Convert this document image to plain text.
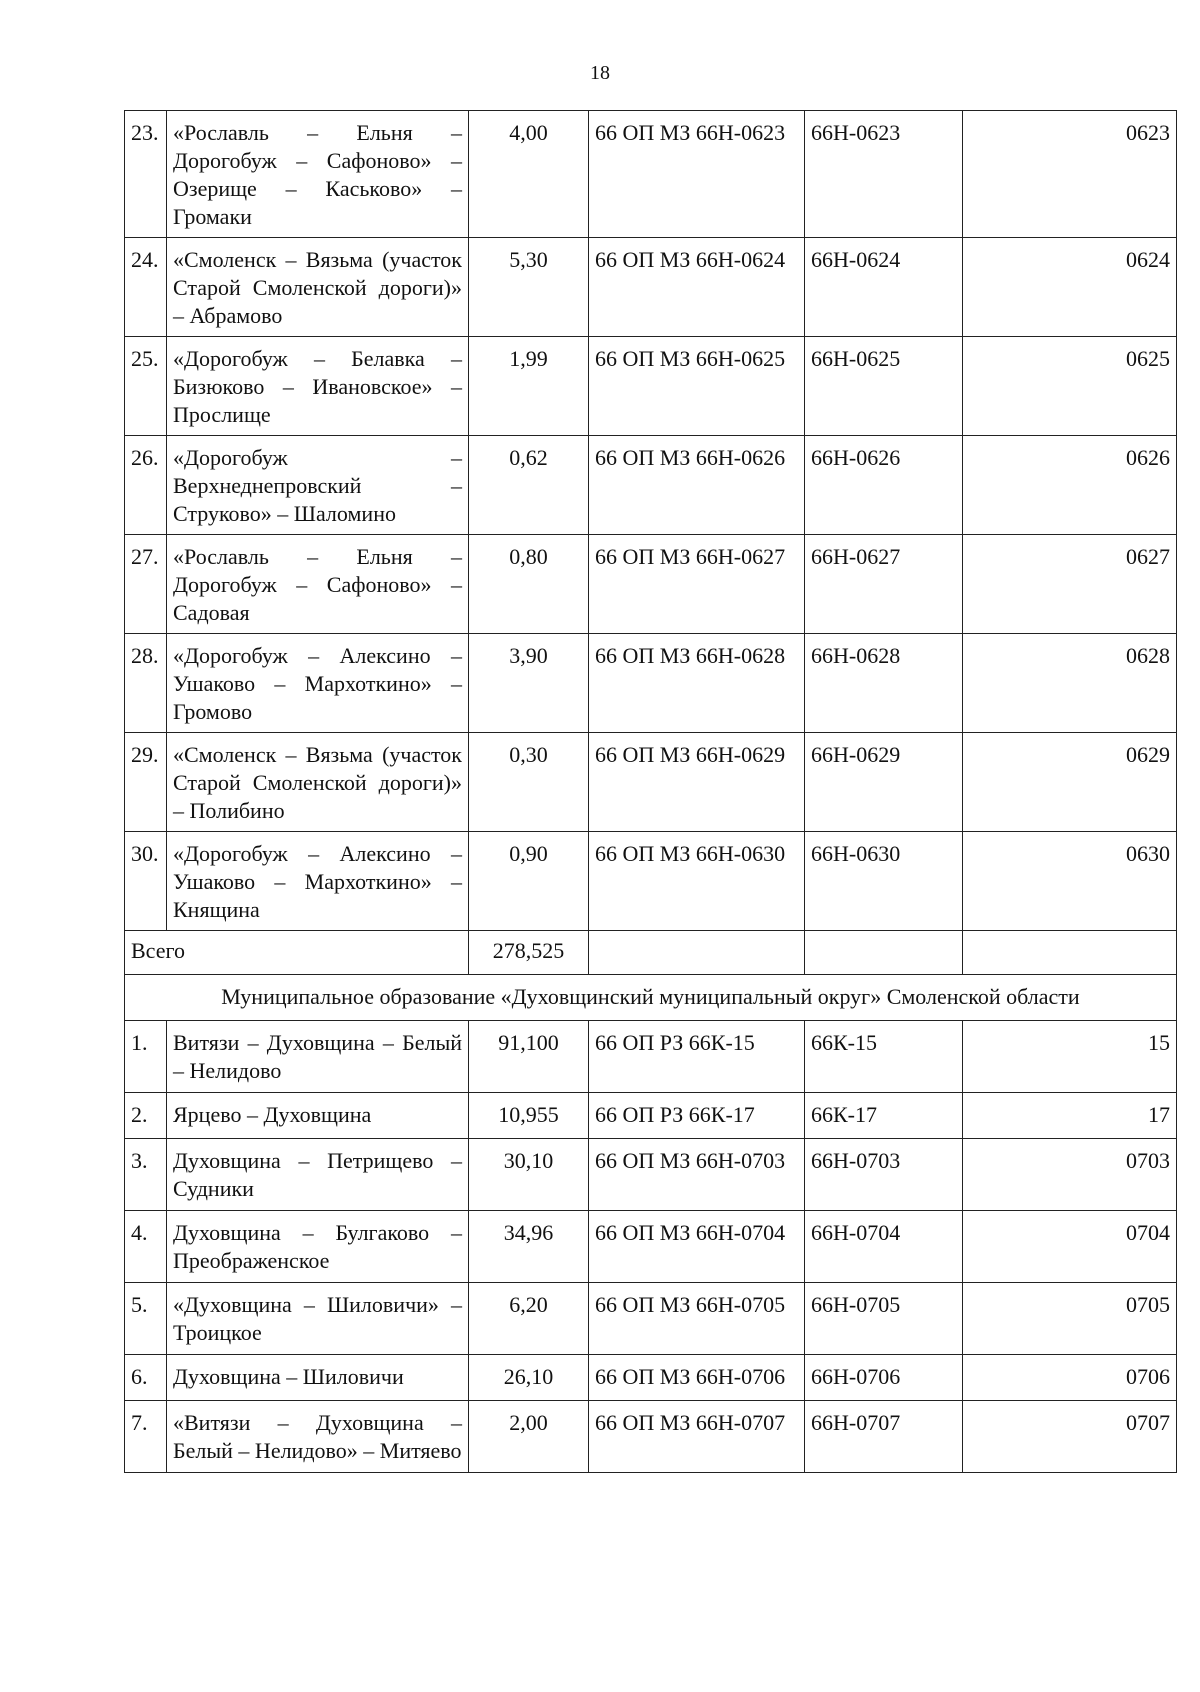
18
23.	«Рославль – Ельня – Дорогобуж – Сафоново» – Озерище – Каськово» – Громаки	4,00	66 ОП МЗ 66Н-0623	66Н-0623	0623
24.	«Смоленск – Вязьма (участок Старой Смоленской дороги)» – Абрамово	5,30	66 ОП МЗ 66Н-0624	66Н-0624	0624
25.	«Дорогобуж – Белавка – Бизюково – Ивановское» – Прослище	1,99	66 ОП МЗ 66Н-0625	66Н-0625	0625
26.	«Дорогобуж – Верхнеднепровский – Струково» – Шаломино	0,62	66 ОП МЗ 66Н-0626	66Н-0626	0626
27.	«Рославль – Ельня – Дорогобуж – Сафоново» – Садовая	0,80	66 ОП МЗ 66Н-0627	66Н-0627	0627
28.	«Дорогобуж – Алексино – Ушаково – Мархоткино» – Громово	3,90	66 ОП МЗ 66Н-0628	66Н-0628	0628
29.	«Смоленск – Вязьма (участок Старой Смоленской дороги)» – Полибино	0,30	66 ОП МЗ 66Н-0629	66Н-0629	0629
30.	«Дорогобуж – Алексино – Ушаково – Мархоткино» – Княщина	0,90	66 ОП МЗ 66Н-0630	66Н-0630	0630
Всего		278,525			
Муниципальное образование «Духовщинский муниципальный округ» Смоленской области					
1.	Витязи – Духовщина – Белый – Нелидово	91,100	66 ОП РЗ 66К-15	66К-15	15
2.	Ярцево – Духовщина	10,955	66 ОП РЗ 66К-17	66К-17	17
3.	Духовщина – Петрищево – Судники	30,10	66 ОП МЗ 66Н-0703	66Н-0703	0703
4.	Духовщина – Булгаково – Преображенское	34,96	66 ОП МЗ 66Н-0704	66Н-0704	0704
5.	«Духовщина – Шиловичи» – Троицкое	6,20	66 ОП МЗ 66Н-0705	66Н-0705	0705
6.	Духовщина – Шиловичи	26,10	66 ОП МЗ 66Н-0706	66Н-0706	0706
7.	«Витязи – Духовщина – Белый – Нелидово» – Митяево	2,00	66 ОП МЗ 66Н-0707	66Н-0707	0707
